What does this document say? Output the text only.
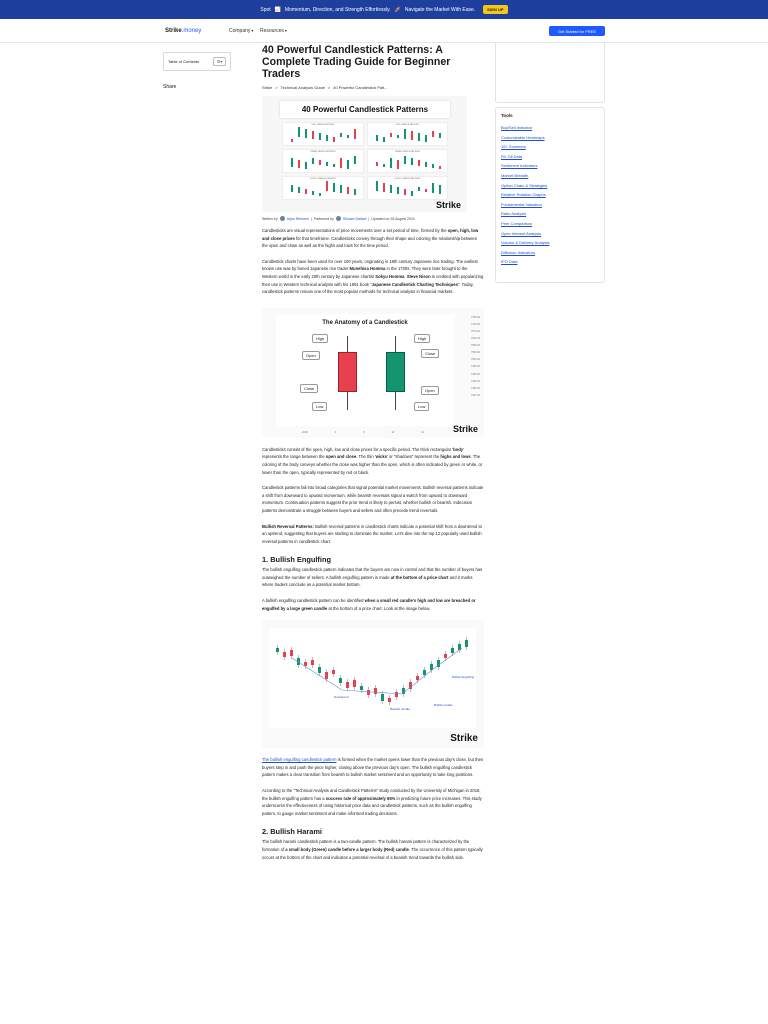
Spot 📈 Momentum, Direction, and Strength Effortlessly. 🚀 Navigate the Market With Ease.	SIGN UP
Strike.money	Company▾ Resources▾	Get Started for FREE
Table of Contents	☰▾
Share
Tools
Buy/Sell Indicator
Customizable Heatmaps
15+ Scanners
RV Oil Data
Sentiment Indicators
Market Breadth
Option Chain & Strategies
Relative Rotation Graphs
Fundamental Valuation
Ratio Analysis
Peer Comparison
Open Interest Analysis
Volume & Delivery Analysis
Diffusion Indicators
IPO Data
40 Powerful Candlestick Patterns: A Complete Trading Guide for Beginner Traders
Strike > Technical Analysis Guide > 40 Powerful Candlestick Patt...
40 Powerful Candlestick Patterns
TWO CANDLE PATTERN	TWO CANDLE PATTERN
THREE CANDLE PATTERN	THREE CANDLE PATTERN
5 BODY CANDLE PATTERN	5 BODY CANDLE PATTERN
Strike
Written by	Arjun Remesh | Partnered by	Shivam Gallani | Updated on 28 August 2024

Candlesticks are visual representations of price movements over a set period of time, formed by the open, high, low and close prices for that timeframe. Candlesticks convey through their shape and coloring the relationship between the open and close as well as the highs and lows for the time period.

Candlestick charts have been used for over 100 years, originating in 18th century Japanese rice trading. The earliest known use was by famed Japanese rice trader Munehisa Homma in the 1700s. They were later brought to the Western world in the early 20th century by Japanese chartist Sokyu Homma. Steve Nison is credited with popularizing their use in Western technical analysis with his 1991 book "Japanese Candlestick Charting Techniques". Today, candlestick patterns remain one of the most popular methods for technical analysis in financial markets.

The Anatomy of a Candlestick
High
Open
Close
Low
High
Close
Open
Low
7750.00
7740.00
7670.00
7630.00
7590.00
7560.00
7520.00
7490.00
7450.00
7420.00
7380.00
7407.00
2019	4	8	10	14	Strike

Candlesticks consist of the open, high, low and close prices for a specific period. The thick rectangular 'body' represents the range between the open and close. The thin 'wicks' or "shadows" represent the highs and lows. The coloring of the body conveys whether the close was higher than the open, which is often indicated by green or white, or lower than the open, typically represented by red or black.

Candlestick patterns fall into broad categories that signal potential market movements. Bullish reversal patterns indicate a shift from downward to upward momentum, while bearish reversals signal a switch from upward to downward momentum. Continuation patterns suggest the prior trend is likely to persist, whether bullish or bearish. Indecision patterns demonstrate a struggle between buyers and sellers and often precede trend reversals.

Bullish Reversal Patterns: Bullish reversal patterns in candlestick charts indicate a potential shift from a downtrend to an uptrend, suggesting that buyers are starting to dominate the market. Let's dive into the top 12 popularly used bullish reversal patterns in candlestick chart.

1. Bullish Engulfing

The bullish engulfing candlestick pattern indicates that the buyers are now in control and that the number of buyers has outweighed the number of sellers. A bullish engulfing pattern is made at the bottom of a price chart and it marks where traders conclude as a potential market bottom.

A bullish engulfing candlestick pattern can be identified when a small red candle's high and low are breached or engulfed by a large green candle at the bottom of a price chart. Look at the image below.

Downtrend
Bearish candle
Bullish candle
Bullish Engulfing
Strike

The bullish engulfing candlestick pattern is formed when the market opens lower than the previous day's close, but then buyers step in and push the price higher, closing above the previous day's open. The bullish engulfing candlestick pattern makes a clear transition from bearish to bullish market sentiment and an opportunity to take long positions.

According to the "Technical Analysis and Candlestick Patterns" study conducted by the University of Michigan in 2018, the bullish engulfing pattern has a success rate of approximately 65% in predicting future price increases. This study underscores the effectiveness of using historical price data and candlestick patterns, such as the bullish engulfing pattern, to gauge market sentiment and make informed trading decisions.

2. Bullish Harami

The bullish harami candlestick pattern is a two-candle pattern. The bullish harami pattern is characterized by the formation of a small body (Green) candle before a larger body (Red) candle. The occurrence of this pattern typically occurs at the bottom of the chart and indicates a potential reversal of a bearish trend towards the bullish side.
